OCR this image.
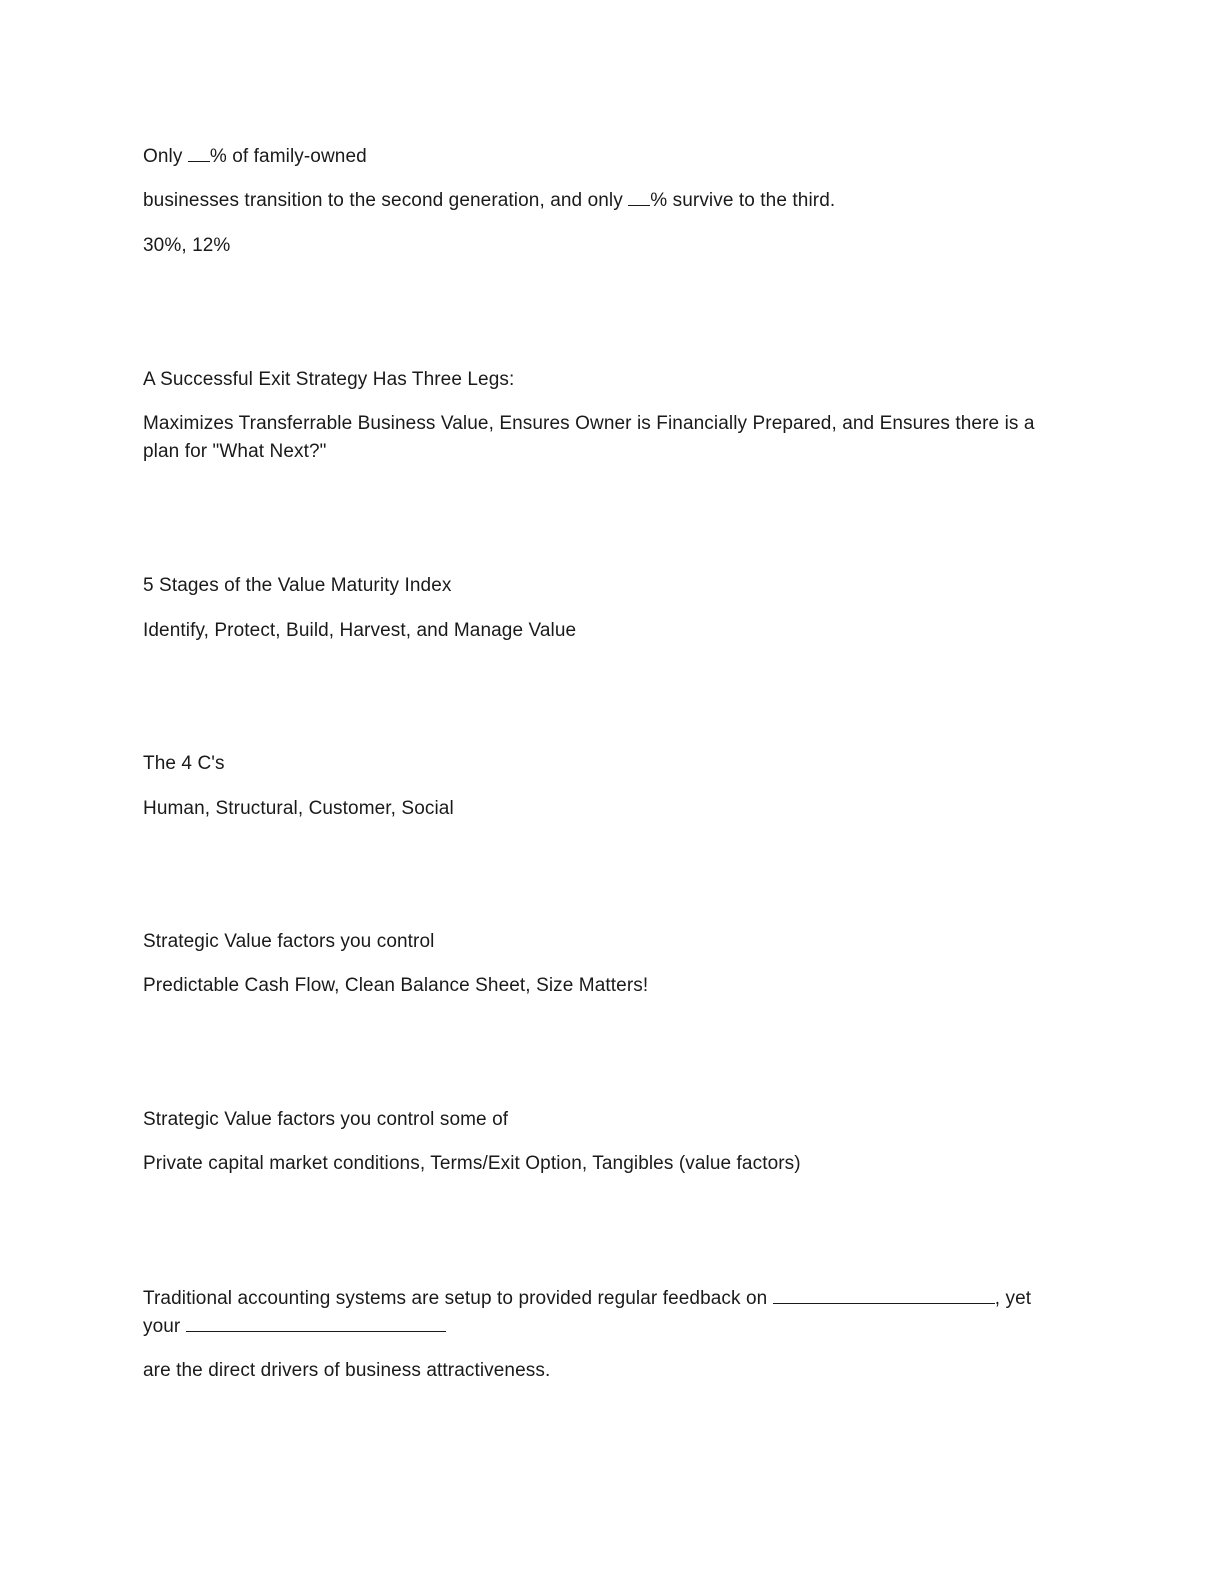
Only % of family-owned
businesses transition to the second generation, and only % survive to the third.
30%, 12%
A Successful Exit Strategy Has Three Legs:
Maximizes Transferrable Business Value, Ensures Owner is Financially Prepared, and Ensures there is a
plan for "What Next?"
5 Stages of the Value Maturity Index
Identify, Protect, Build, Harvest, and Manage Value
The 4 C's
Human, Structural, Customer, Social
Strategic Value factors you control
Predictable Cash Flow, Clean Balance Sheet, Size Matters!
Strategic Value factors you control some of
Private capital market conditions, Terms/Exit Option, Tangibles (value factors)
Traditional accounting systems are setup to provided regular feedback on	, yet
your
are the direct drivers of business attractiveness.
